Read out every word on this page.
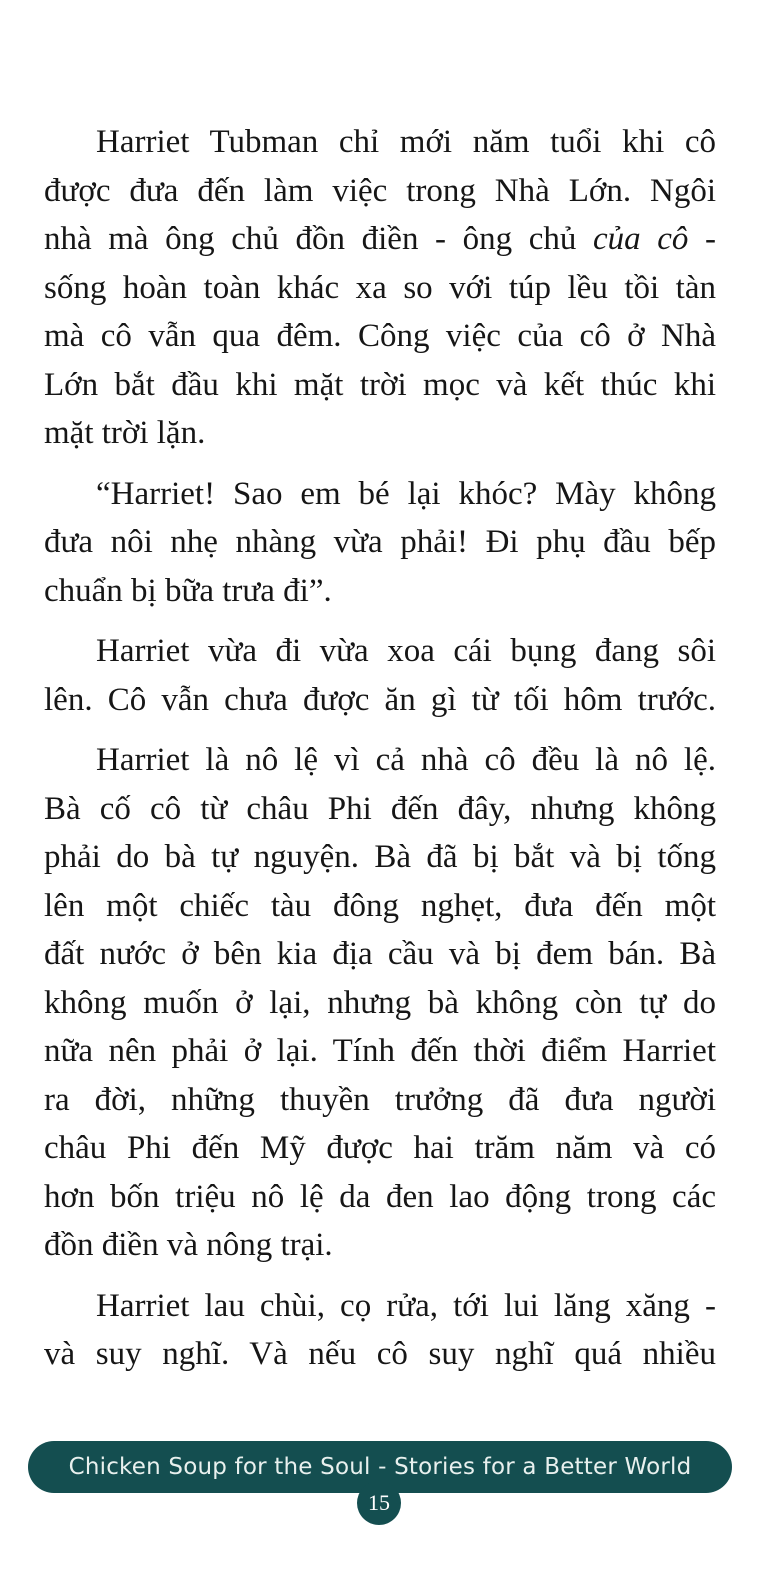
Harriet Tubman chỉ mới năm tuổi khi cô
được đưa đến làm việc trong Nhà Lớn. Ngôi
nhà mà ông chủ đồn điền - ông chủ của cô -
sống hoàn toàn khác xa so với túp lều tồi tàn
mà cô vẫn qua đêm. Công việc của cô ở Nhà
Lớn bắt đầu khi mặt trời mọc và kết thúc khi
mặt trời lặn.
“Harriet! Sao em bé lại khóc? Mày không
đưa nôi nhẹ nhàng vừa phải! Đi phụ đầu bếp
chuẩn bị bữa trưa đi”.
Harriet vừa đi vừa xoa cái bụng đang sôi
lên. Cô vẫn chưa được ăn gì từ tối hôm trước.
Harriet là nô lệ vì cả nhà cô đều là nô lệ.
Bà cố cô từ châu Phi đến đây, nhưng không
phải do bà tự nguyện. Bà đã bị bắt và bị tống
lên một chiếc tàu đông nghẹt, đưa đến một
đất nước ở bên kia địa cầu và bị đem bán. Bà
không muốn ở lại, nhưng bà không còn tự do
nữa nên phải ở lại. Tính đến thời điểm Harriet
ra đời, những thuyền trưởng đã đưa người
châu Phi đến Mỹ được hai trăm năm và có
hơn bốn triệu nô lệ da đen lao động trong các
đồn điền và nông trại.
Harriet lau chùi, cọ rửa, tới lui lăng xăng -
và suy nghĩ. Và nếu cô suy nghĩ quá nhiều
Chicken Soup for the Soul - Stories for a Better World
15
